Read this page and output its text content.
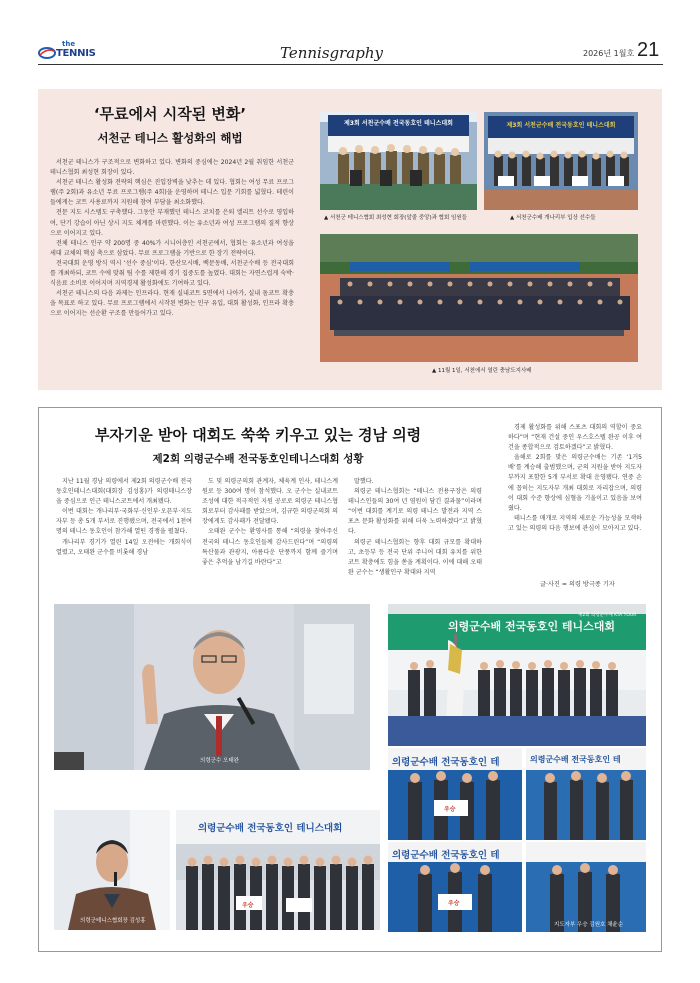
the
TENNIS	Tennisgraphy	2026년 1월호 21
‘무료에서 시작된 변화’
서천군 테니스 활성화의 해법

서천군 테니스가 구조적으로 변화하고 있다. 변화의 중심에는 2024년 2월 취임한 서천군테니스협회 최성현 회장이 있다.

서천군 테니스 활성화 전략의 핵심은 진입장벽을 낮추는 데 있다. 협회는 여성 무료 프로그램(주 2회)과 유소년 무료 프로그램(주 4회)을 운영하며 테니스 입문 기회를 넓혔다. 테린이들에게는 코트 사용료까지 지원해 참여 부담을 최소화했다.

전문 지도 시스템도 구축했다. 그동안 부재했던 테니스 코치를 은퇴 엘리트 선수로 영입하여, 단기 강습이 아닌 상시 지도 체계를 마련했다. 이는 유소년과 여성 프로그램의 질적 향상으로 이어지고 있다.

전체 테니스 인구 약 200명 중 40%가 시니어층인 서천군에서, 협회는 유소년과 여성을 세대 교체의 핵심 축으로 삼았다. 무료 프로그램을 기반으로 한 장기 전략이다.

전국대회 운영 방식 역시 ‘선수 중심’이다. 한산모시배, 백문동배, 서천군수배 등 전국대회를 개최하되, 코트 수에 맞춰 팀 수를 제한해 경기 집중도를 높였다. 대회는 자연스럽게 숙박·식음료 소비로 이어지며 지역경제 활성화에도 기여하고 있다.

서천군 테니스의 다음 과제는 인프라다. 현재 실내코트 5면에서 나아가, 실내 돔코트 확충을 목표로 하고 있다. 무료 프로그램에서 시작된 변화는 인구 유입, 대회 활성화, 인프라 확충으로 이어지는 선순환 구조를 만들어가고 있다.

제3회 서천군수배 전국동호인 테니스대회
▲ 서천군 테니스협회 최성현 회장(앞줄 중앙)과 협회 임원들
제3회 서천군수배 전국동호인 테니스대회
▲ 서천군수배 개나리부 입상 선수들
▲ 11월 1일, 서천에서 열린 충남도지사배
부자기운 받아 대회도 쑥쑥 키우고 있는 경남 의령
제2회 의령군수배 전국동호인테니스대회 성황

지난 11월 경남 의령에서 제2회 의령군수배 전국동호인테니스대회(대회장 김성홍)가 의령테니스장을 중심으로 인근 테니스코트에서 개최됐다.

이번 대회는 개나리부·국화부·신인부·오픈부·지도자부 등 총 5개 부서로 진행됐으며, 전국에서 1천여 명의 테니스 동호인이 참가해 열띤 경쟁을 펼쳤다.

개나리부 경기가 열린 14일 오전에는 개회식이 열렸고, 오태완 군수를 비롯해 경남

도 및 의령군의회 관계자, 체육계 인사, 테니스계 원로 등 300여 명이 참석했다. 오 군수는 실내코트 조성에 대한 적극적인 지원 공로로 의령군 테니스협회로부터 감사패를 받았으며, 김규한 의령군의회 의장에게도 감사패가 전달됐다.

오태완 군수는 환영사를 통해 “의령을 찾아주신 전국의 테니스 동호인들께 감사드린다”며 “의령의 특산물과 관광지, 아름다운 단풍까지 함께 즐기며 좋은 추억을 남기길 바란다”고

말했다.

의령군 테니스협회는 “테니스 전용구장은 의령 테니스인들의 30여 년 염원이 담긴 결과물”이라며 “이번 대회를 계기로 의령 테니스 발전과 지역 스포츠 문화 활성화를 위해 더욱 노력하겠다”고 밝혔다.

의령군 테니스협회는 향후 대회 규모를 확대하고, 초등부 등 전국 단위 주니어 대회 유치를 위한 코트 확충에도 힘을 쏟을 계획이다. 이에 대해 오태완 군수는 “생활인구 확대와 지역

경제 활성화를 위해 스포츠 대회의 역할이 중요하다”며 “현재 건설 중인 우스호스텔 완공 이후 여건을 종합적으로 검토하겠다”고 밝혔다.

올해로 2회를 맞은 의령군수배는 기존 ‘1거5배’를 계승해 출범했으며, 군의 지원을 받아 지도자부까지 포함한 5개 부서로 확대 운영됐다. 연중 손에 꼽히는 지도자부 개최 대회로 자리잡으며, 의령이 대회 수준 향상에 심혈을 기울이고 있음을 보여줬다.

테니스를 매개로 지역의 새로운 가능성을 모색하고 있는 의령의 다음 행보에 관심이 모아지고 있다.

글·사진 = 의령 방극종 기자
의령군수 오태완
의령군수배 전국동호인 테니스대회
제2회 의령군수배 KTA TOUR
의령군수배 전국동호인 테
우승
의령군수배 전국동호인 테
의령군수배 전국동호인 테
우승
지도자부 우승 김원호 채윤순
의령군테니스협회장 김성홍
의령군수배 전국동호인 테니스대회
우승
